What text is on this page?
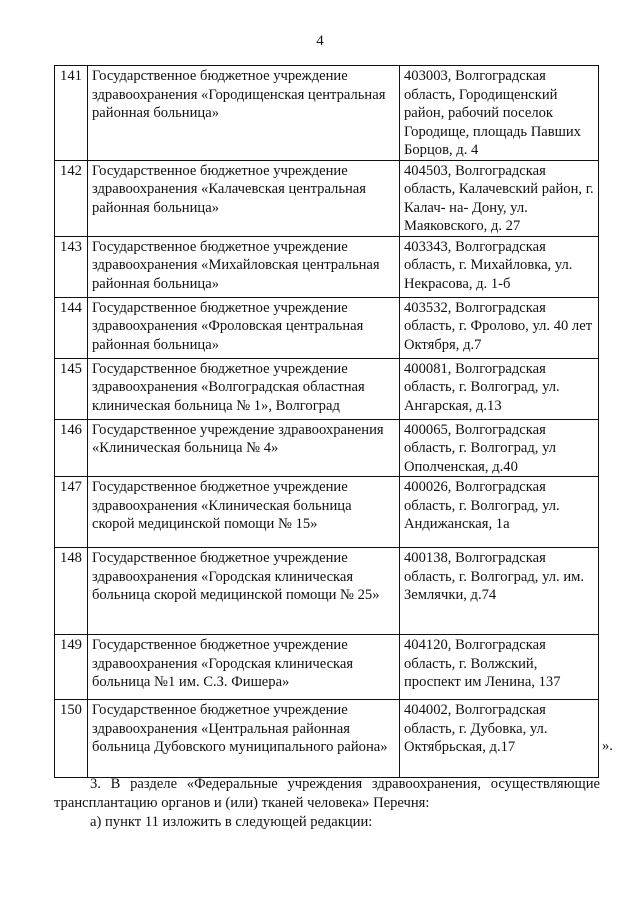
4
141	Государственное бюджетное учреждение здравоохранения «Городищенская центральная районная больница»	403003, Волгоградская область, Городищенский район, рабочий поселок Городище, площадь Павших Борцов, д. 4
142	Государственное бюджетное учреждение здравоохранения «Калачевская центральная районная больница»	404503, Волгоградская область, Калачевский район, г. Калач- на- Дону, ул. Маяковского, д. 27
143	Государственное бюджетное учреждение здравоохранения «Михайловская центральная районная больница»	403343, Волгоградская область, г. Михайловка, ул. Некрасова, д. 1-б
144	Государственное бюджетное учреждение здравоохранения «Фроловская центральная районная больница»	403532, Волгоградская область, г. Фролово, ул. 40 лет Октября, д.7
145	Государственное бюджетное учреждение здравоохранения «Волгоградская областная клиническая больница № 1», Волгоград	400081, Волгоградская область, г. Волгоград, ул. Ангарская, д.13
146	Государственное учреждение здравоохранения «Клиническая больница № 4»	400065, Волгоградская область, г. Волгоград, ул Ополченская, д.40
147	Государственное бюджетное учреждение здравоохранения «Клиническая больница скорой медицинской помощи № 15»	400026, Волгоградская область, г. Волгоград, ул. Андижанская, 1а
148	Государственное бюджетное учреждение здравоохранения «Городская клиническая больница скорой медицинской помощи № 25»	400138, Волгоградская область, г. Волгоград, ул. им. Землячки, д.74
149	Государственное бюджетное учреждение здравоохранения «Городская клиническая больница №1 им. С.З. Фишера»	404120, Волгоградская область, г. Волжский, проспект им Ленина, 137
150	Государственное бюджетное учреждение здравоохранения «Центральная районная больница Дубовского муниципального района»	404002, Волгоградская область, г. Дубовка, ул. Октябрьская, д.17	».
3. В разделе «Федеральные учреждения здравоохранения, осуществляющие трансплантацию органов и (или) тканей человека» Перечня:
а) пункт 11 изложить в следующей редакции:
